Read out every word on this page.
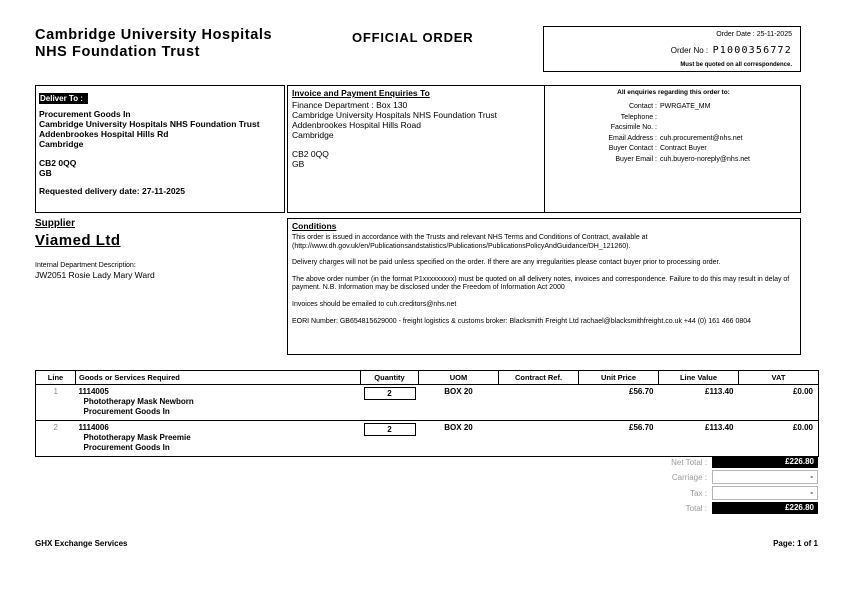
Cambridge University Hospitals
NHS Foundation Trust
OFFICIAL ORDER	Order Date : 25-11-2025
Order No : P1000356772
Must be quoted on all correspondence.
Deliver To :
Procurement Goods In
Cambridge University Hospitals NHS Foundation Trust
Addenbrookes Hospital Hills Rd
Cambridge
CB2 0QQ
GB
Requested delivery date: 27-11-2025
Invoice and Payment Enquiries To
Finance Department : Box 130
Cambridge University Hospitals NHS Foundation Trust
Addenbrookes Hospital Hills Road
Cambridge
CB2 0QQ
GB
All enquiries regarding this order to:
Contact : PWRGATE_MM
Telephone :
Facsimile No. :
Email Address : cuh.procurement@nhs.net
Buyer Contact : Contract Buyer
Buyer Email : cuh.buyero-noreply@nhs.net
Supplier
Viamed Ltd
Internal Department Description:
JW2051 Rosie Lady Mary Ward
Conditions

This order is issued in accordance with the Trusts and relevant NHS Terms and Conditions of Contract, available at (http://www.dh.gov.uk/en/Publicationsandstatistics/Publications/PublicationsPolicyAndGuidance/DH_121260).

Delivery charges will not be paid unless specified on the order. If there are any irregularities please contact buyer prior to processing order.

The above order number (in the format P1xxxxxxxxx) must be quoted on all delivery notes, invoices and correspondence. Failure to do this may result in delay of payment. N.B. Information may be disclosed under the Freedom of Information Act 2000

Invoices should be emailed to cuh.creditors@nhs.net

EORI Number: GB654815629000 - freight logistics & customs broker: Blacksmith Freight Ltd rachael@blacksmithfreight.co.uk +44 (0) 161 466 0804

Line	Goods or Services Required	Quantity	UOM	Contract Ref.	Unit Price	Line Value	VAT
1	1114005
Phototherapy Mask Newborn
Procurement Goods In	2	BOX 20		£56.70	£113.40	£0.00
2	1114006
Phototherapy Mask Preemie
Procurement Goods In	2	BOX 20		£56.70	£113.40	£0.00
Net Total :	£226.80
Carriage :	-
Tax :	-
Total :	£226.80
GHX Exchange Services	Page: 1 of 1
